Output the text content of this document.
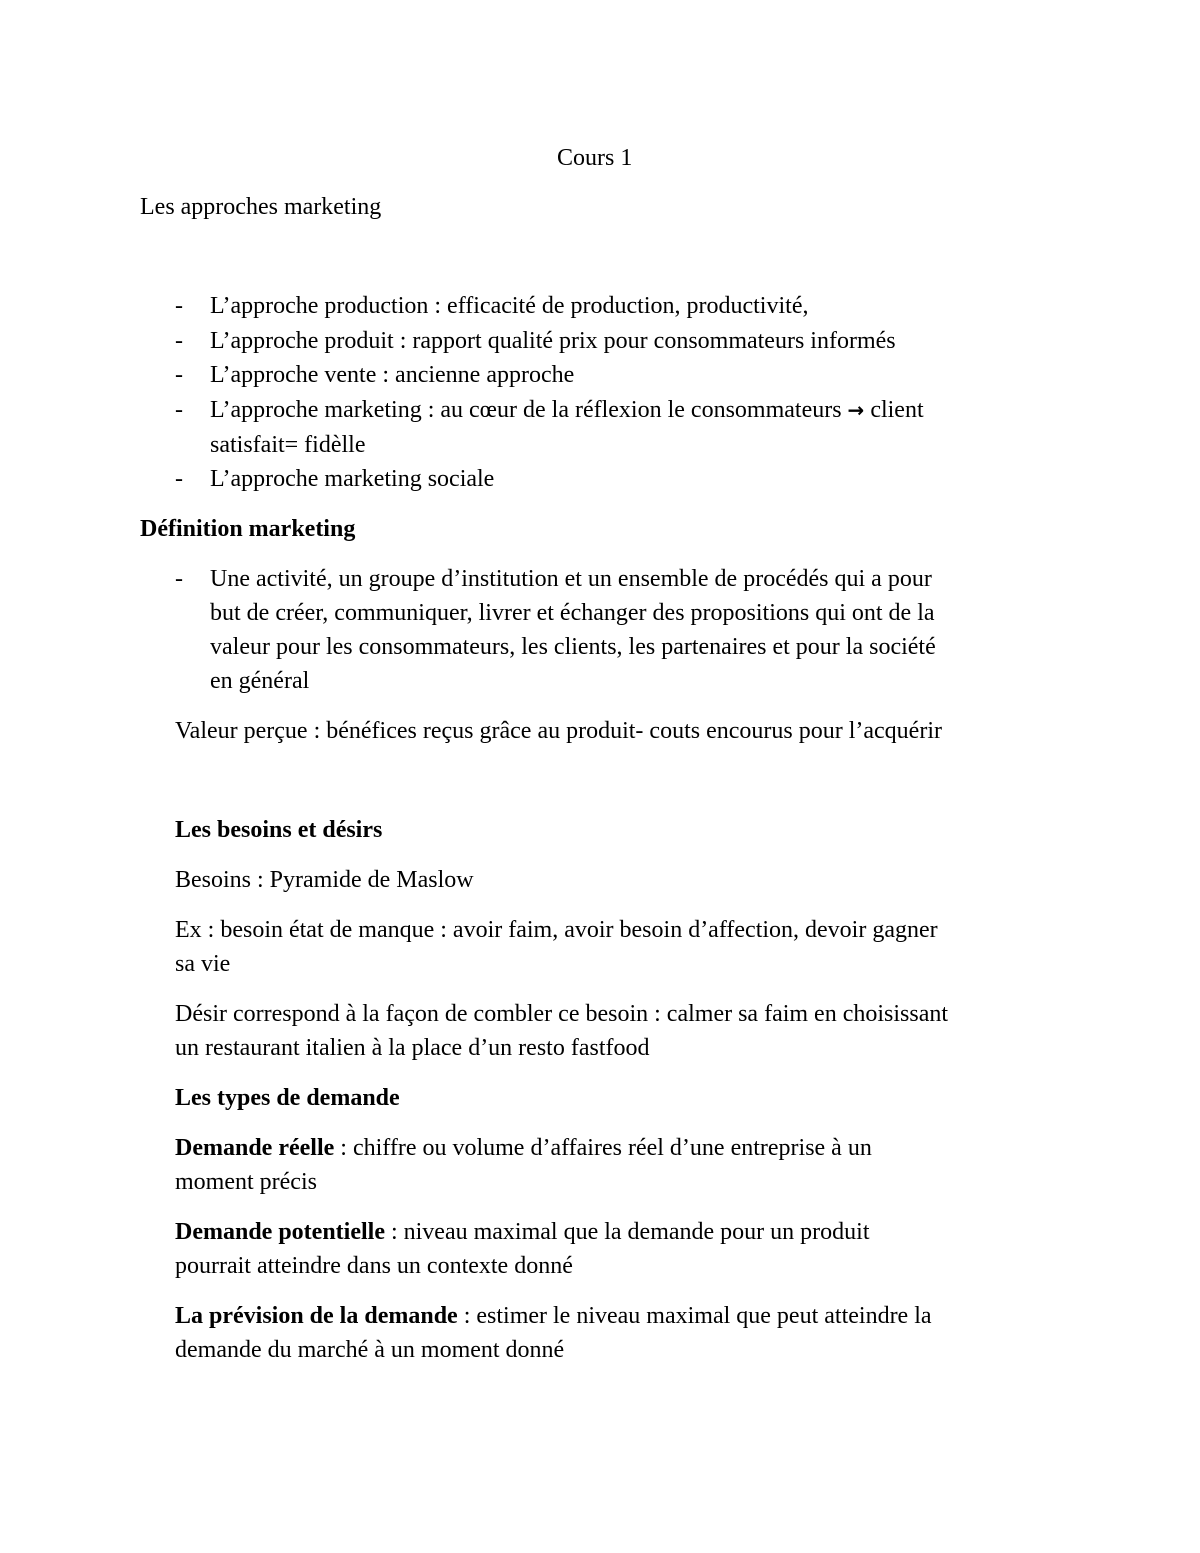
Cours 1

Les approches marketing

- L’approche production : efficacité de production, productivité,

- L’approche produit : rapport qualité prix pour consommateurs informés

- L’approche vente : ancienne approche

- L’approche marketing : au cœur de la réflexion le consommateurs → client

satisfait= fidèlle

- L’approche marketing sociale

Définition marketing

- Une activité, un groupe d’institution et un ensemble de procédés qui a pour

but de créer, communiquer, livrer et échanger des propositions qui ont de la

valeur pour les consommateurs, les clients, les partenaires et pour la société

en général

Valeur perçue : bénéfices reçus grâce au produit- couts encourus pour l’acquérir

Les besoins et désirs

Besoins : Pyramide de Maslow

Ex : besoin état de manque : avoir faim, avoir besoin d’affection, devoir gagner

sa vie

Désir correspond à la façon de combler ce besoin : calmer sa faim en choisissant

un restaurant italien à la place d’un resto fastfood

Les types de demande

Demande réelle : chiffre ou volume d’affaires réel d’une entreprise à un

moment précis

Demande potentielle : niveau maximal que la demande pour un produit

pourrait atteindre dans un contexte donné

La prévision de la demande : estimer le niveau maximal que peut atteindre la

demande du marché à un moment donné
